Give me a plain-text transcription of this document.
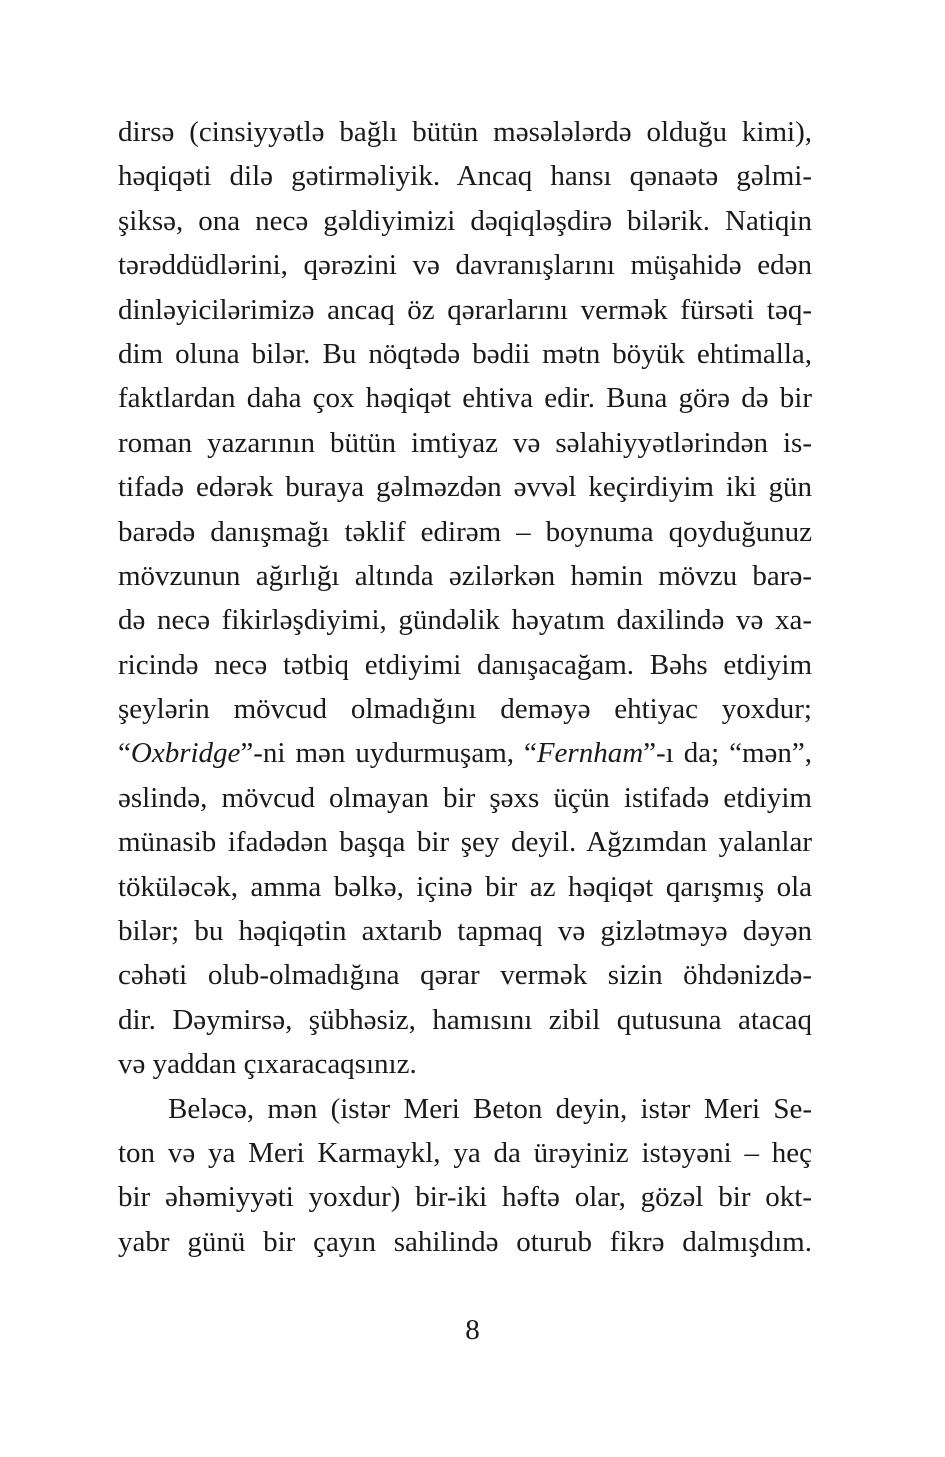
dirsə (cinsiyyətlə bağlı bütün məsələlərdə olduğu kimi),
həqiqəti dilə gətirməliyik. Ancaq hansı qənaətə gəlmi-
şiksə, ona necə gəldiyimizi dəqiqləşdirə bilərik. Natiqin
tərəddüdlərini, qərəzini və davranışlarını müşahidə edən
dinləyicilərimizə ancaq öz qərarlarını vermək fürsəti təq-
dim oluna bilər. Bu nöqtədə bədii mətn böyük ehtimalla,
faktlardan daha çox həqiqət ehtiva edir. Buna görə də bir
roman yazarının bütün imtiyaz və səlahiyyətlərindən is-
tifadə edərək buraya gəlməzdən əvvəl keçirdiyim iki gün
barədə danışmağı təklif edirəm – boynuma qoyduğunuz
mövzunun ağırlığı altında əzilərkən həmin mövzu barə-
də necə fikirləşdiyimi, gündəlik həyatım daxilində və xa-
ricində necə tətbiq etdiyimi danışacağam. Bəhs etdiyim
şeylərin mövcud olmadığını deməyə ehtiyac yoxdur;
“Oxbridge”-ni mən uydurmuşam, “Fernham”-ı da; “mən”,
əslində, mövcud olmayan bir şəxs üçün istifadə etdiyim
münasib ifadədən başqa bir şey deyil. Ağzımdan yalanlar
töküləcək, amma bəlkə, içinə bir az həqiqət qarışmış ola
bilər; bu həqiqətin axtarıb tapmaq və gizlətməyə dəyən
cəhəti olub-olmadığına qərar vermək sizin öhdənizdə-
dir. Dəymirsə, şübhəsiz, hamısını zibil qutusuna atacaq
və yaddan çıxaracaqsınız.
Beləcə, mən (istər Meri Beton deyin, istər Meri Se-
ton və ya Meri Karmaykl, ya da ürəyiniz istəyəni – heç
bir əhəmiyyəti yoxdur) bir-iki həftə olar, gözəl bir okt-
yabr günü bir çayın sahilində oturub fikrə dalmışdım.
8
